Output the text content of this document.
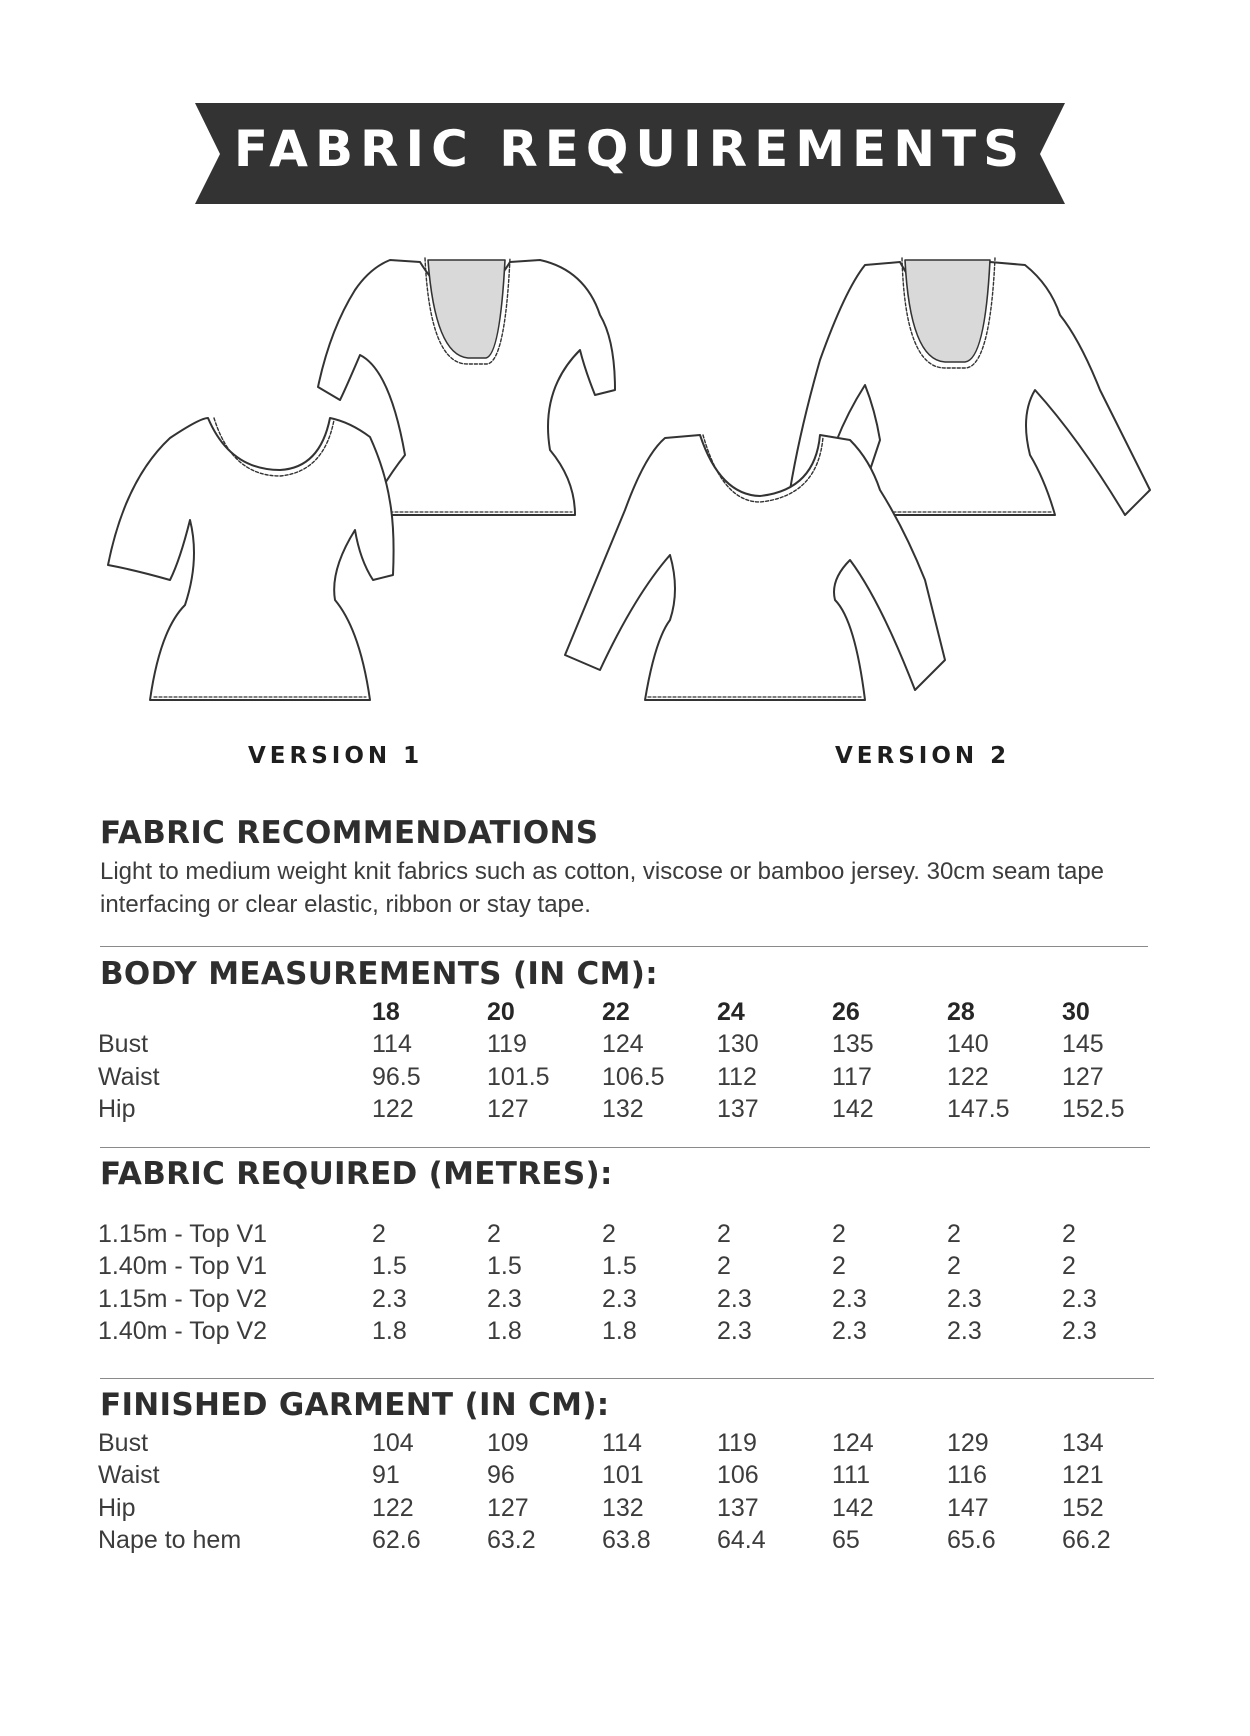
FABRIC REQUIREMENTS
VERSION 1	VERSION 2
FABRIC RECOMMENDATIONS
Light to medium weight knit fabrics such as cotton, viscose or bamboo jersey. 30cm seam tape
interfacing or clear elastic, ribbon or stay tape.
BODY MEASUREMENTS (IN CM):
	18	20	22	24	26	28	30
Bust	114	119	124	130	135	140	145
Waist	96.5	101.5	106.5	112	117	122	127
Hip	122	127	132	137	142	147.5	152.5
FABRIC REQUIRED (METRES):
1.15m - Top V1	2	2	2	2	2	2	2
1.40m - Top V1	1.5	1.5	1.5	2	2	2	2
1.15m - Top V2	2.3	2.3	2.3	2.3	2.3	2.3	2.3
1.40m - Top V2	1.8	1.8	1.8	2.3	2.3	2.3	2.3
FINISHED GARMENT (IN CM):
Bust	104	109	114	119	124	129	134
Waist	91	96	101	106	111	116	121
Hip	122	127	132	137	142	147	152
Nape to hem	62.6	63.2	63.8	64.4	65	65.6	66.2
